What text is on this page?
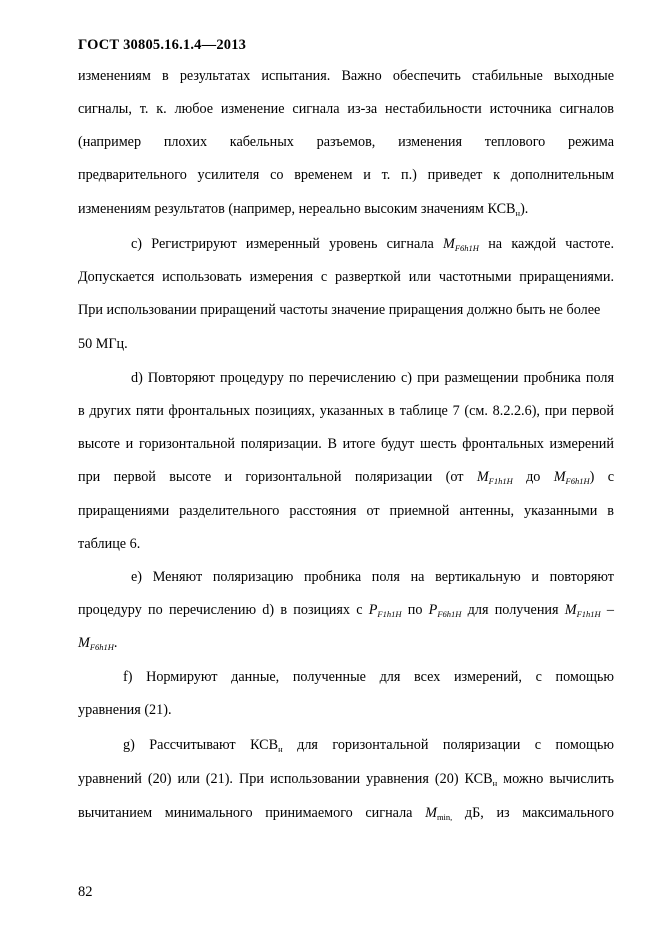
ГОСТ 30805.16.1.4—2013
изменениям в результатах испытания. Важно обеспечить стабильные выходные
сигналы, т. к. любое изменение сигнала из-за нестабильности источника сигналов
(например плохих кабельных разъемов, изменения теплового режима
предварительного усилителя со временем и т. п.) приведет к дополнительным
изменениям результатов (например, нереально высоким значениям $КСВ_н$).
c) Регистрируют измеренный уровень сигнала $M_{F6h1H}$ на каждой частоте.
Допускается использовать измерения с разверткой или частотными приращениями.
При использовании приращений частоты значение приращения должно быть не более
50 МГц.
d) Повторяют процедуру по перечислению c) при размещении пробника поля
в других пяти фронтальных позициях, указанных в таблице 7 (см. 8.2.2.6), при первой
высоте и горизонтальной поляризации. В итоге будут шесть фронтальных измерений
при первой высоте и горизонтальной поляризации (от $M_{F1h1H}$ до $M_{F6h1H}$) с
приращениями разделительного расстояния от приемной антенны, указанными в
таблице 6.
e) Меняют поляризацию пробника поля на вертикальную и повторяют
процедуру по перечислению d) в позициях с $P_{F1h1H}$ по $P_{F6h1H}$ для получения $M_{F1h1H}$ –
$M_{F6h1H}$.
f) Нормируют данные, полученные для всех измерений, с помощью
уравнения (21).
g) Рассчитывают $КСВ_н$ для горизонтальной поляризации с помощью
уравнений (20) или (21). При использовании уравнения (20) $КСВ_н$ можно вычислить
вычитанием минимального принимаемого сигнала $M_{min,}$ дБ, из максимального
82
